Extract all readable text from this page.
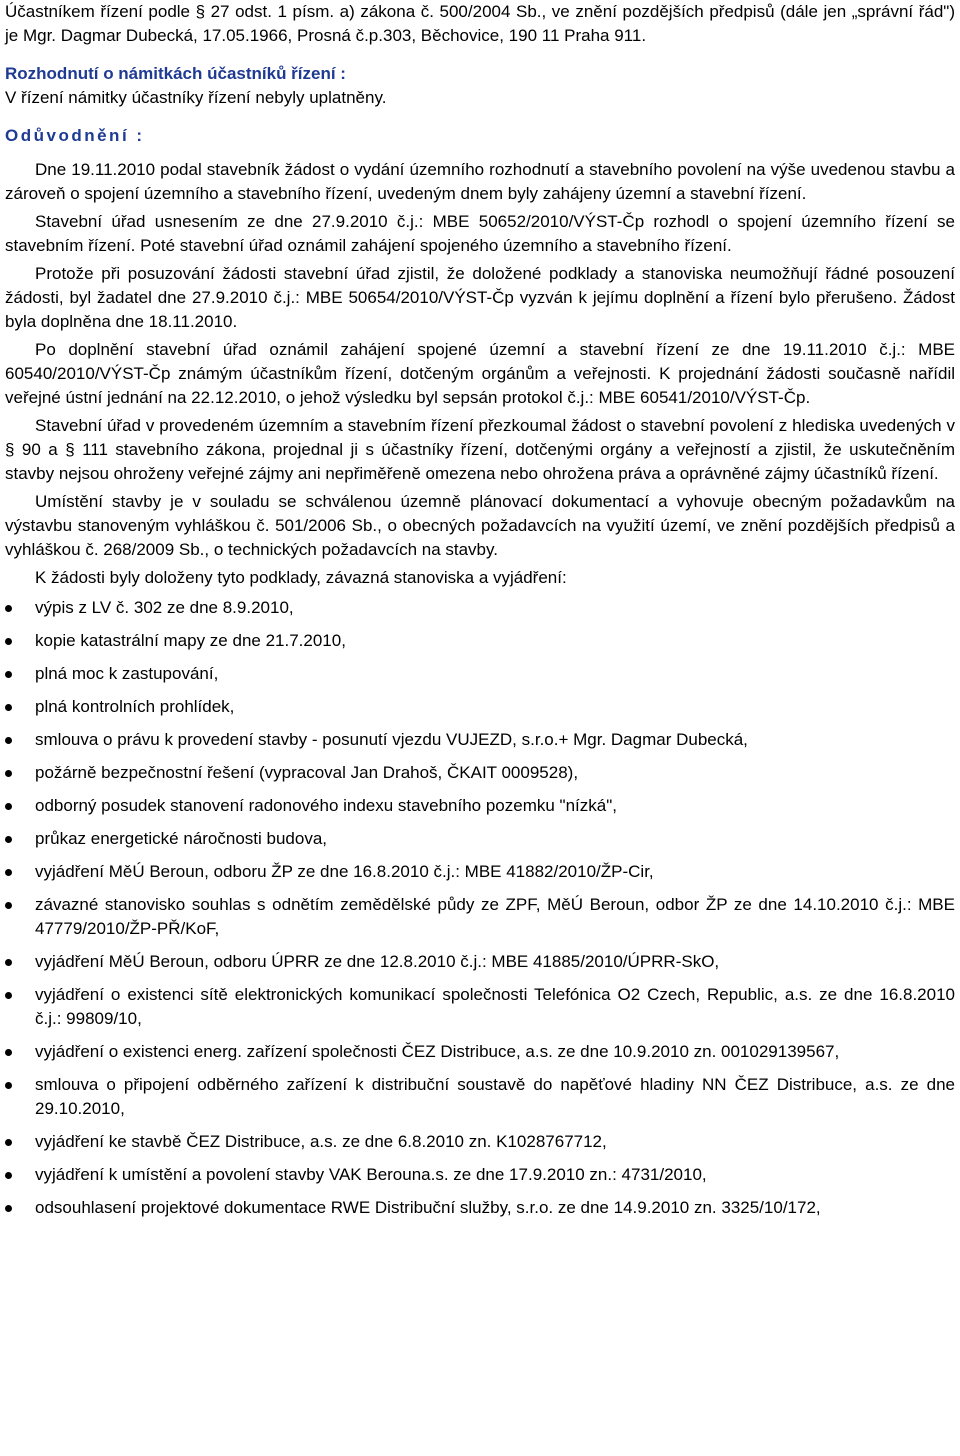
Účastníkem řízení podle § 27 odst. 1 písm. a) zákona č. 500/2004 Sb., ve znění pozdějších předpisů (dále jen „správní řád") je Mgr. Dagmar Dubecká, 17.05.1966, Prosná č.p.303, Běchovice, 190 11 Praha 911.

Rozhodnutí o námitkách účastníků řízení :

V řízení námitky účastníky řízení nebyly uplatněny.

Odůvodnění :

Dne 19.11.2010 podal stavebník žádost o vydání územního rozhodnutí a stavebního povolení na výše uvedenou stavbu a zároveň o spojení územního a stavebního řízení, uvedeným dnem byly zahájeny územní a stavební řízení.

Stavební úřad usnesením ze dne 27.9.2010 č.j.: MBE 50652/2010/VÝST-Čp rozhodl o spojení územního řízení se stavebním řízení. Poté stavební úřad oznámil zahájení spojeného územního a stavebního řízení.

Protože při posuzování žádosti stavební úřad zjistil, že doložené podklady a stanoviska neumožňují řádné posouzení žádosti, byl žadatel dne 27.9.2010 č.j.: MBE 50654/2010/VÝST-Čp vyzván k jejímu doplnění a řízení bylo přerušeno. Žádost byla doplněna dne 18.11.2010.

Po doplnění stavební úřad oznámil zahájení spojené územní a stavební řízení ze dne 19.11.2010 č.j.: MBE 60540/2010/VÝST-Čp známým účastníkům řízení, dotčeným orgánům a veřejnosti. K projednání žádosti současně nařídil veřejné ústní jednání na 22.12.2010, o jehož výsledku byl sepsán protokol č.j.: MBE 60541/2010/VÝST-Čp.

Stavební úřad v provedeném územním a stavebním řízení přezkoumal žádost o stavební povolení z hlediska uvedených v § 90 a § 111 stavebního zákona, projednal ji s účastníky řízení, dotčenými orgány a veřejností a zjistil, že uskutečněním stavby nejsou ohroženy veřejné zájmy ani nepřiměřeně omezena nebo ohrožena práva a oprávněné zájmy účastníků řízení.

Umístění stavby je v souladu se schválenou územně plánovací dokumentací a vyhovuje obecným požadavkům na výstavbu stanoveným vyhláškou č. 501/2006 Sb., o obecných požadavcích na využití území, ve znění pozdějších předpisů a vyhláškou č. 268/2009 Sb., o technických požadavcích na stavby.

K žádosti byly doloženy tyto podklady, závazná stanoviska a vyjádření:

výpis z LV č. 302 ze dne 8.9.2010,
kopie katastrální mapy ze dne 21.7.2010,
plná moc k zastupování,
plná kontrolních prohlídek,
smlouva o právu k provedení stavby - posunutí vjezdu VUJEZD, s.r.o.+ Mgr. Dagmar Dubecká,
požárně bezpečnostní řešení (vypracoval Jan Drahoš, ČKAIT 0009528),
odborný posudek stanovení radonového indexu stavebního pozemku "nízká",
průkaz energetické náročnosti budova,
vyjádření MěÚ Beroun, odboru ŽP ze dne 16.8.2010 č.j.: MBE 41882/2010/ŽP-Cir,
závazné stanovisko souhlas s odnětím zemědělské půdy ze ZPF, MěÚ Beroun, odbor ŽP ze dne 14.10.2010 č.j.: MBE 47779/2010/ŽP-PŘ/KoF,
vyjádření MěÚ Beroun, odboru ÚPRR ze dne 12.8.2010 č.j.: MBE 41885/2010/ÚPRR-SkO,
vyjádření o existenci sítě elektronických komunikací společnosti Telefónica O2 Czech, Republic, a.s. ze dne 16.8.2010 č.j.: 99809/10,
vyjádření o existenci energ. zařízení společnosti ČEZ Distribuce, a.s. ze dne 10.9.2010 zn. 001029139567,
smlouva o připojení odběrného zařízení k distribuční soustavě do napěťové hladiny NN ČEZ Distribuce, a.s. ze dne 29.10.2010,
vyjádření ke stavbě ČEZ Distribuce, a.s. ze dne 6.8.2010 zn. K1028767712,
vyjádření k umístění a povolení stavby VAK Berouna.s. ze dne 17.9.2010 zn.: 4731/2010,
odsouhlasení projektové dokumentace RWE Distribuční služby, s.r.o. ze dne 14.9.2010 zn. 3325/10/172,
